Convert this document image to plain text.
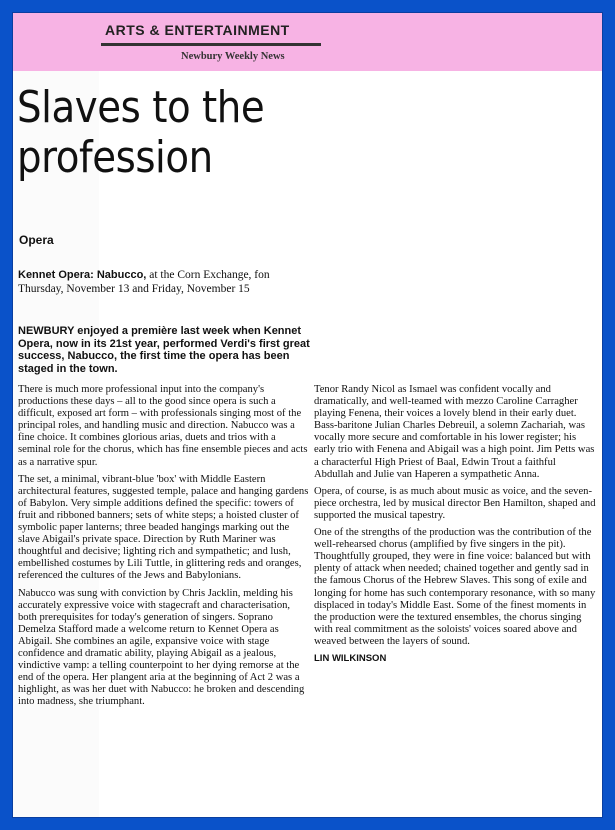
ARTS & ENTERTAINMENT
Newbury Weekly News
Slaves to the
profession
Opera
Kennet Opera: Nabucco, at the Corn Exchange, fon Thursday, November 13 and Friday, November 15
NEWBURY enjoyed a première last week when Kennet Opera, now in its 21st year, performed Verdi's first great success, Nabucco, the first time the opera has been staged in the town.

There is much more professional input into the company's productions these days – all to the good since opera is such a difficult, exposed art form – with professionals singing most of the principal roles, and handling music and direction. Nabucco was a fine choice. It combines glorious arias, duets and trios with a seminal role for the chorus, which has fine ensemble pieces and acts as a narrative spur.

The set, a minimal, vibrant-blue 'box' with Middle Eastern architectural features, suggested temple, palace and hanging gardens of Babylon. Very simple additions defined the specific: towers of fruit and ribboned banners; sets of white steps; a hoisted cluster of symbolic paper lanterns; three beaded hangings marking out the slave Abigail's private space. Direction by Ruth Mariner was thoughtful and decisive; lighting rich and sympathetic; and lush, embellished costumes by Lili Tuttle, in glittering reds and oranges, referenced the cultures of the Jews and Babylonians.

Nabucco was sung with conviction by Chris Jacklin, melding his accurately expressive voice with stagecraft and characterisation, both prerequisites for today's generation of singers. Soprano Demelza Stafford made a welcome return to Kennet Opera as Abigail. She combines an agile, expansive voice with stage confidence and dramatic ability, playing Abigail as a jealous, vindictive vamp: a telling counterpoint to her dying remorse at the end of the opera. Her plangent aria at the beginning of Act 2 was a highlight, as was her duet with Nabucco: he broken and descending into madness, she triumphant.

Tenor Randy Nicol as Ismael was confident vocally and dramatically, and well-teamed with mezzo Caroline Carragher playing Fenena, their voices a lovely blend in their early duet. Bass-baritone Julian Charles Debreuil, a solemn Zachariah, was vocally more secure and comfortable in his lower register; his early trio with Fenena and Abigail was a high point. Jim Petts was a characterful High Priest of Baal, Edwin Trout a faithful Abdullah and Julie van Haperen a sympathetic Anna.

Opera, of course, is as much about music as voice, and the seven-piece orchestra, led by musical director Ben Hamilton, shaped and supported the musical tapestry.

One of the strengths of the production was the contribution of the well-rehearsed chorus (amplified by five singers in the pit). Thoughtfully grouped, they were in fine voice: balanced but with plenty of attack when needed; chained together and gently sad in the famous Chorus of the Hebrew Slaves. This song of exile and longing for home has such contemporary resonance, with so many displaced in today's Middle East. Some of the finest moments in the production were the textured ensembles, the chorus singing with real commitment as the soloists' voices soared above and weaved between the layers of sound.

LIN WILKINSON
